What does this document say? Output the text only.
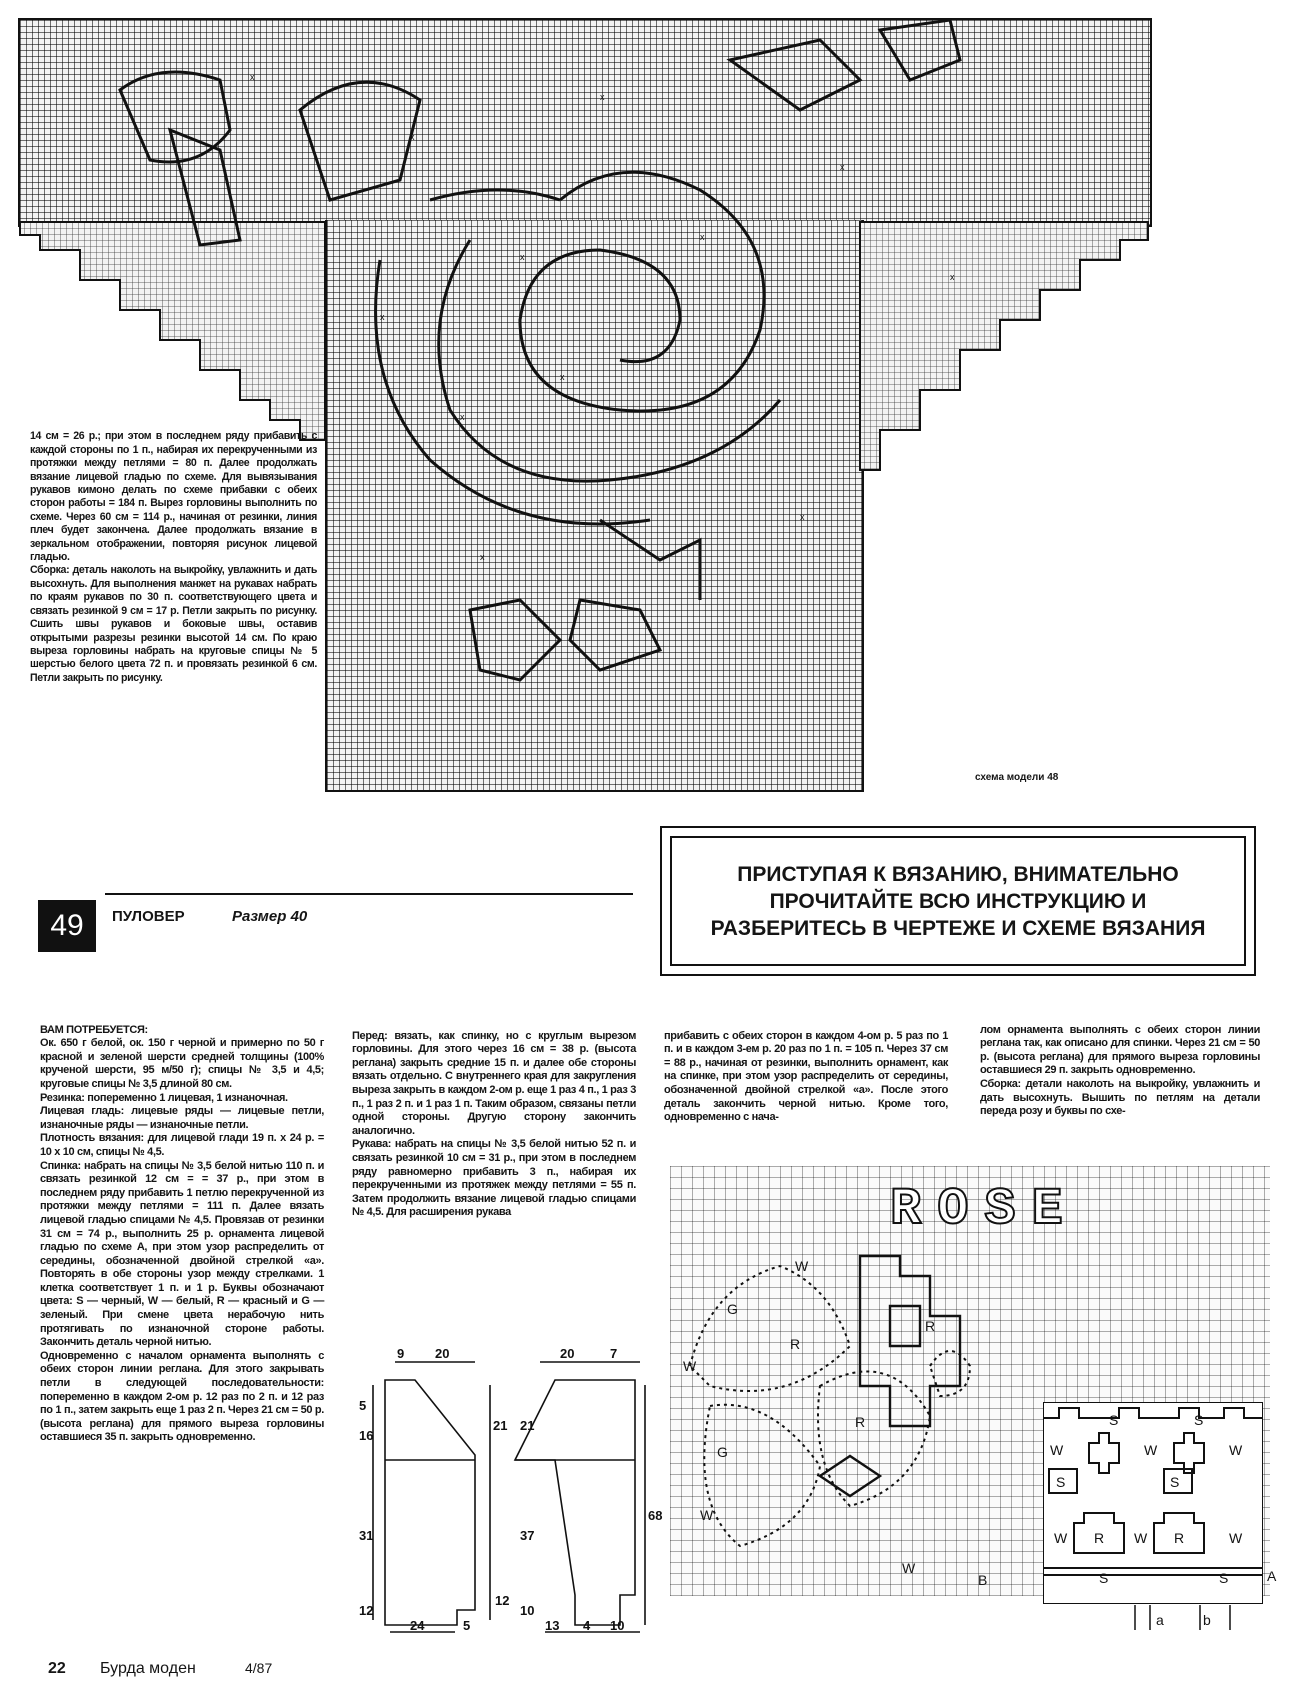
x
x
x
x
x
x
x
x
x
x
x
x

14 см = 26 р.; при этом в последнем ряду прибавить с каждой стороны по 1 п., набирая их перекрученными из протяжки между петлями = 80 п. Далее продолжать вязание лицевой гладью по схеме. Для вывязывания рукавов кимоно делать по схеме прибавки с обеих сторон работы = 184 п. Вырез горловины выполнить по схеме. Через 60 см = 114 р., начиная от резинки, линия плеч будет закончена. Далее продолжать вязание в зеркальном отображении, повторяя рисунок лицевой гладью.
Сборка: деталь наколоть на выкройку, увлажнить и дать высохнуть. Для выполнения манжет на рукавах набрать по краям рукавов по 30 п. соответствующего цвета и связать резинкой 9 см = 17 р. Петли закрыть по рисунку. Сшить швы рукавов и боковые швы, оставив открытыми разрезы резинки высотой 14 см. По краю выреза горловины набрать на круговые спицы № 5 шерстью белого цвета 72 п. и провязать резинкой 6 см. Петли закрыть по рисунку.

схема модели 48
ПРИСТУПАЯ К ВЯЗАНИЮ, ВНИМАТЕЛЬНО ПРОЧИТАЙТЕ ВСЮ ИНСТРУКЦИЮ И РАЗБЕРИТЕСЬ В ЧЕРТЕЖЕ И СХЕМЕ ВЯЗАНИЯ
49 ПУЛОВЕР	Размер 40

ВАМ ПОТРЕБУЕТСЯ:
Ок. 650 г белой, ок. 150 г черной и примерно по 50 г красной и зеленой шерсти средней толщины (100% крученой шерсти, 95 м/50 г); спицы № 3,5 и 4,5; круговые спицы № 3,5 длиной 80 см.
Резинка: попеременно 1 лицевая, 1 изнаночная.
Лицевая гладь: лицевые ряды — лицевые петли, изнаночные ряды — изнаночные петли.
Плотность вязания: для лицевой глади 19 п. x 24 р. = 10 x 10 см, спицы № 4,5.
Спинка: набрать на спицы № 3,5 белой нитью 110 п. и связать резинкой 12 см = = 37 р., при этом в последнем ряду прибавить 1 петлю перекрученной из протяжки между петлями = 111 п. Далее вязать лицевой гладью спицами № 4,5. Провязав от резинки 31 см = 74 р., выполнить 25 р. орнамента лицевой гладью по схеме А, при этом узор распределить от середины, обозначенной двойной стрелкой «а». Повторять в обе стороны узор между стрелками. 1 клетка соответствует 1 п. и 1 р. Буквы обозначают цвета: S — черный, W — белый, R — красный и G — зеленый. При смене цвета нерабочую нить протягивать по изнаночной стороне работы. Закончить деталь черной нитью.
Одновременно с началом орнамента выполнять с обеих сторон линии реглана. Для этого закрывать петли в следующей последовательности: попеременно в каждом 2-ом р. 12 раз по 2 п. и 12 раз по 1 п., затем закрыть еще 1 раз 2 п. Через 21 см = 50 р. (высота реглана) для прямого выреза горловины оставшиеся 35 п. закрыть одновременно.

Перед: вязать, как спинку, но с круглым вырезом горловины. Для этого через 16 см = 38 р. (высота реглана) закрыть средние 15 п. и далее обе стороны вязать отдельно. С внутреннего края для закругления выреза закрыть в каждом 2-ом р. еще 1 раз 4 п., 1 раз 3 п., 1 раз 2 п. и 1 раз 1 п. Таким образом, связаны петли одной стороны. Другую сторону закончить аналогично.
Рукава: набрать на спицы № 3,5 белой нитью 52 п. и связать резинкой 10 см = 31 р., при этом в последнем ряду равномерно прибавить 3 п., набирая их перекрученными из протяжек между петлями = 55 п. Затем продолжить вязание лицевой гладью спицами № 4,5. Для расширения рукава

прибавить с обеих сторон в каждом 4-ом р. 5 раз по 1 п. и в каждом 3-ем р. 20 раз по 1 п. = 105 п. Через 37 см = 88 р., начиная от резинки, выполнить орнамент, как на спинке, при этом узор распределить от середины, обозначенной двойной стрелкой «а». После этого деталь закончить черной нитью. Кроме того, одновременно с нача-

лом орнамента выполнять с обеих сторон линии реглана так, как описано для спинки. Через 21 см = 50 р. (высота реглана) для прямого выреза горловины оставшиеся 29 п. закрыть одновременно.
Сборка: детали наколоть на выкройку, увлажнить и дать высохнуть. Вышить по петлям на детали переда розу и буквы по схе-

9 20
5
16
21
31
12
24	5
20	7
21
37
68
12
10
13 4 10
ROSE
W
G
R
W
G
R
R
W
W
B
S	S
W	W	W
S	S
W R W R	W
S	S	A
a	b
22 Бурда моден	4/87
